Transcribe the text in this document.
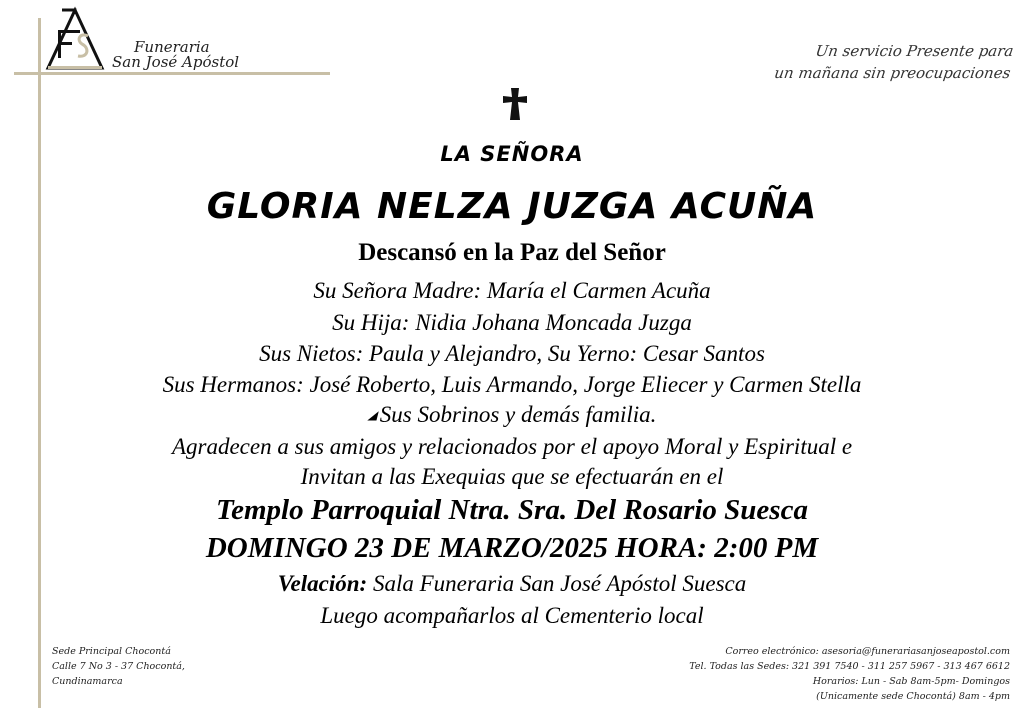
Funeraria
San José Apóstol
Un servicio Presente para
un mañana sin preocupaciones
LA SEÑORA
GLORIA NELZA JUZGA ACUÑA
Descansó en la Paz del Señor
Su Señora Madre: María el Carmen Acuña
Su Hija: Nidia Johana Moncada Juzga
Sus Nietos: Paula y Alejandro, Su Yerno: Cesar Santos
Sus Hermanos: José Roberto, Luis Armando, Jorge Eliecer y Carmen Stella
◢ Sus Sobrinos y demás familia.
Agradecen a sus amigos y relacionados por el apoyo Moral y Espiritual e
Invitan a las Exequias que se efectuarán en el
Templo Parroquial Ntra. Sra. Del Rosario Suesca
DOMINGO 23 DE MARZO/2025 HORA: 2:00 PM
Velación: Sala Funeraria San José Apóstol Suesca
Luego acompañarlos al Cementerio local
Sede Principal Chocontá
Calle 7 No 3 - 37 Chocontá,
Cundinamarca
Correo electrónico: asesoria@funerariasanjoseapostol.com
Tel. Todas las Sedes: 321 391 7540 - 311 257 5967 - 313 467 6612
Horarios: Lun - Sab 8am-5pm- Domingos
(Unicamente sede Chocontá) 8am - 4pm
